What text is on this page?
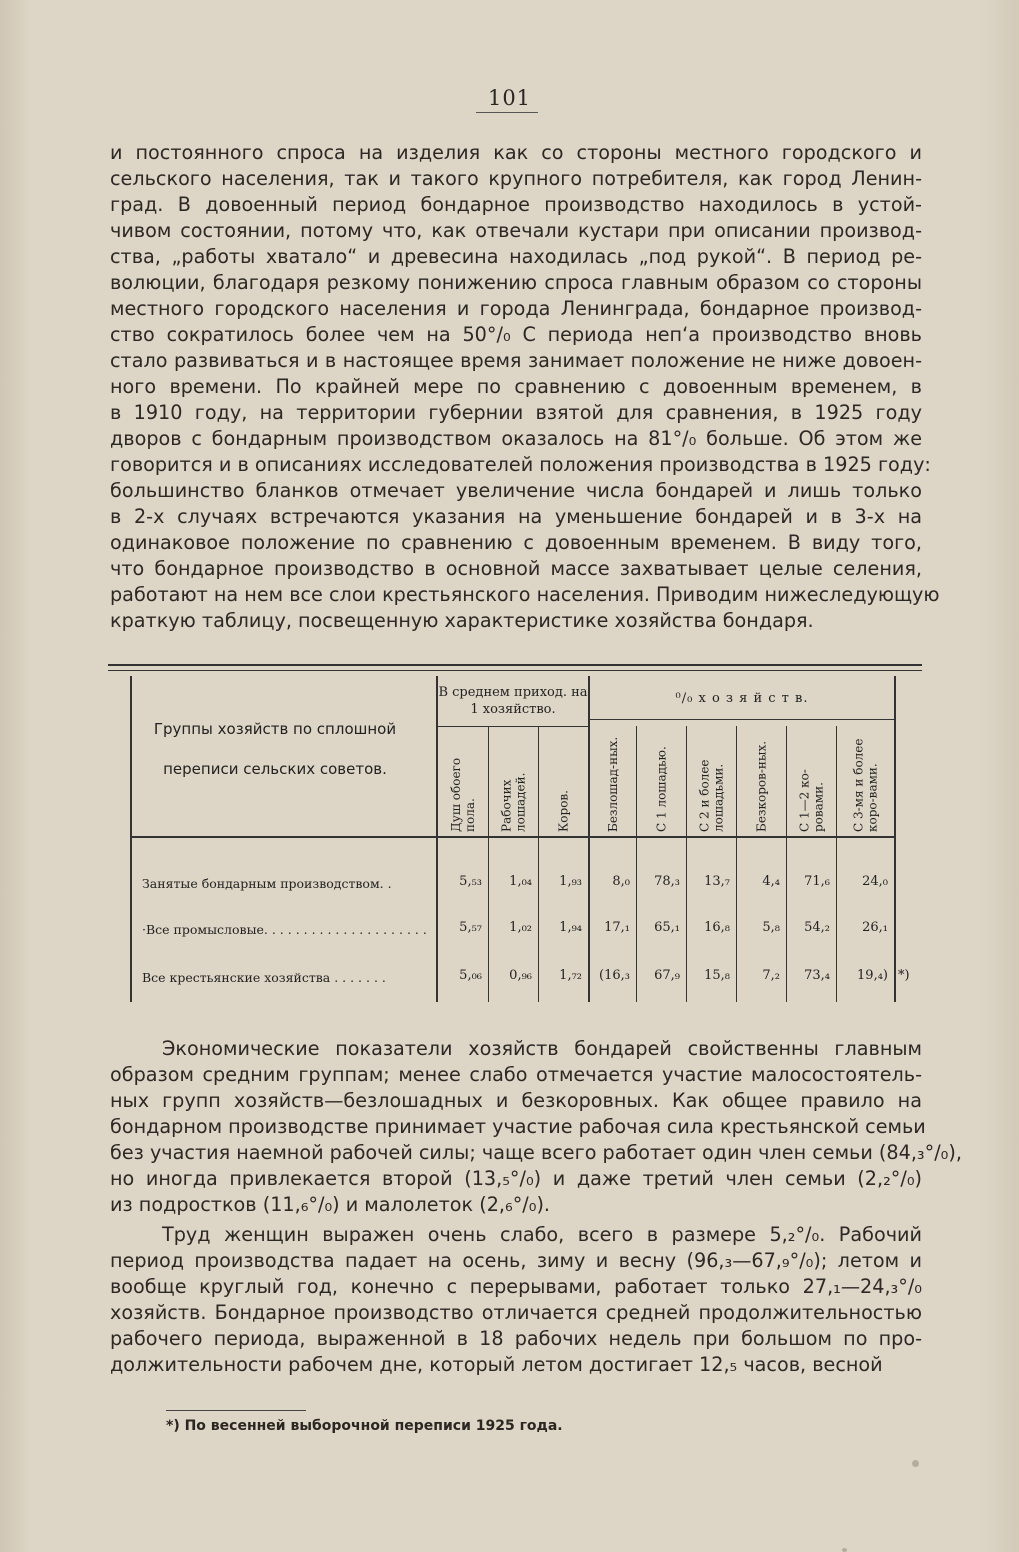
101
и постоянного спроса на изделия как со стороны местного городского и
сельского населения, так и такого крупного потребителя, как город Ленин-
град. В довоенный период бондарное производство находилось в устой-
чивом состоянии, потому что, как отвечали кустари при описании производ-
ства, „работы хватало“ и древесина находилась „под рукой“. В период ре-
волюции, благодаря резкому понижению спроса главным образом со стороны
местного городского населения и города Ленинграда, бондарное производ-
ство сократилось более чем на 50°/₀ С периода неп‘а производство вновь
стало развиваться и в настоящее время занимает положение не ниже довоен-
ного времени. По крайней мере по сравнению с довоенным временем, в
в 1910 году, на территории губернии взятой для сравнения, в 1925 году
дворов с бондарным производством оказалось на 81°/₀ больше. Об этом же
говорится и в описаниях исследователей положения производства в 1925 году:
большинство бланков отмечает увеличение числа бондарей и лишь только
в 2-х случаях встречаются указания на уменьшение бондарей и в 3-х на
одинаковое положение по сравнению с довоенным временем. В виду того,
что бондарное производство в основной массе захватывает целые селения,
работают на нем все слои крестьянского населения. Приводим нижеследующую
краткую таблицу, посвещенную характеристике хозяйства бондаря.
Группы хозяйств по сплошной
переписи сельских советов.
В среднем приход. на 1 хозяйство.
⁰/₀ х о з я й с т в.
Душ обоего пола.	Рабочих лошадей.	Коров.	Безлошад-ных.	С 1 лошадью.	С 2 и более лошадьми.	Безкоров-ных.	С 1—2 ко-ровами.	С 3-мя и более коро-вами.
Занятые бондарным производством. .	5,₅₃	1,₀₄	1,₉₃	8,₀	78,₃	13,₇	4,₄	71,₆	24,₀
·Все промысловые. . . . . . . . . . . . . . . . . . . . .	5,₅₇	1,₀₂	1,₉₄	17,₁	65,₁	16,₈	5,₈	54,₂	26,₁
Все крестьянские хозяйства . . . . . . .	5,₀₆	0,₉₆	1,₇₂	(16,₃	67,₉	15,₈	7,₂	73,₄	19,₄) *)
Экономические показатели хозяйств бондарей свойственны главным
образом средним группам; менее слабо отмечается участие малосостоятель-
ных групп хозяйств—безлошадных и безкоровных. Как общее правило на
бондарном производстве принимает участие рабочая сила крестьянской семьи
без участия наемной рабочей силы; чаще всего работает один член семьи (84,₃°/₀),
но иногда привлекается второй (13,₅°/₀) и даже третий член семьи (2,₂°/₀)
из подростков (11,₆°/₀) и малолеток (2,₆°/₀).
Труд женщин выражен очень слабо, всего в размере 5,₂°/₀. Рабочий
период производства падает на осень, зиму и весну (96,₃—67,₉°/₀); летом и
вообще круглый год, конечно с перерывами, работает только 27,₁—24,₃°/₀
хозяйств. Бондарное производство отличается средней продолжительностью
рабочего периода, выраженной в 18 рабочих недель при большом по про-
должительности рабочем дне, который летом достигает 12,₅ часов, весной
*) По весенней выборочной переписи 1925 года.
